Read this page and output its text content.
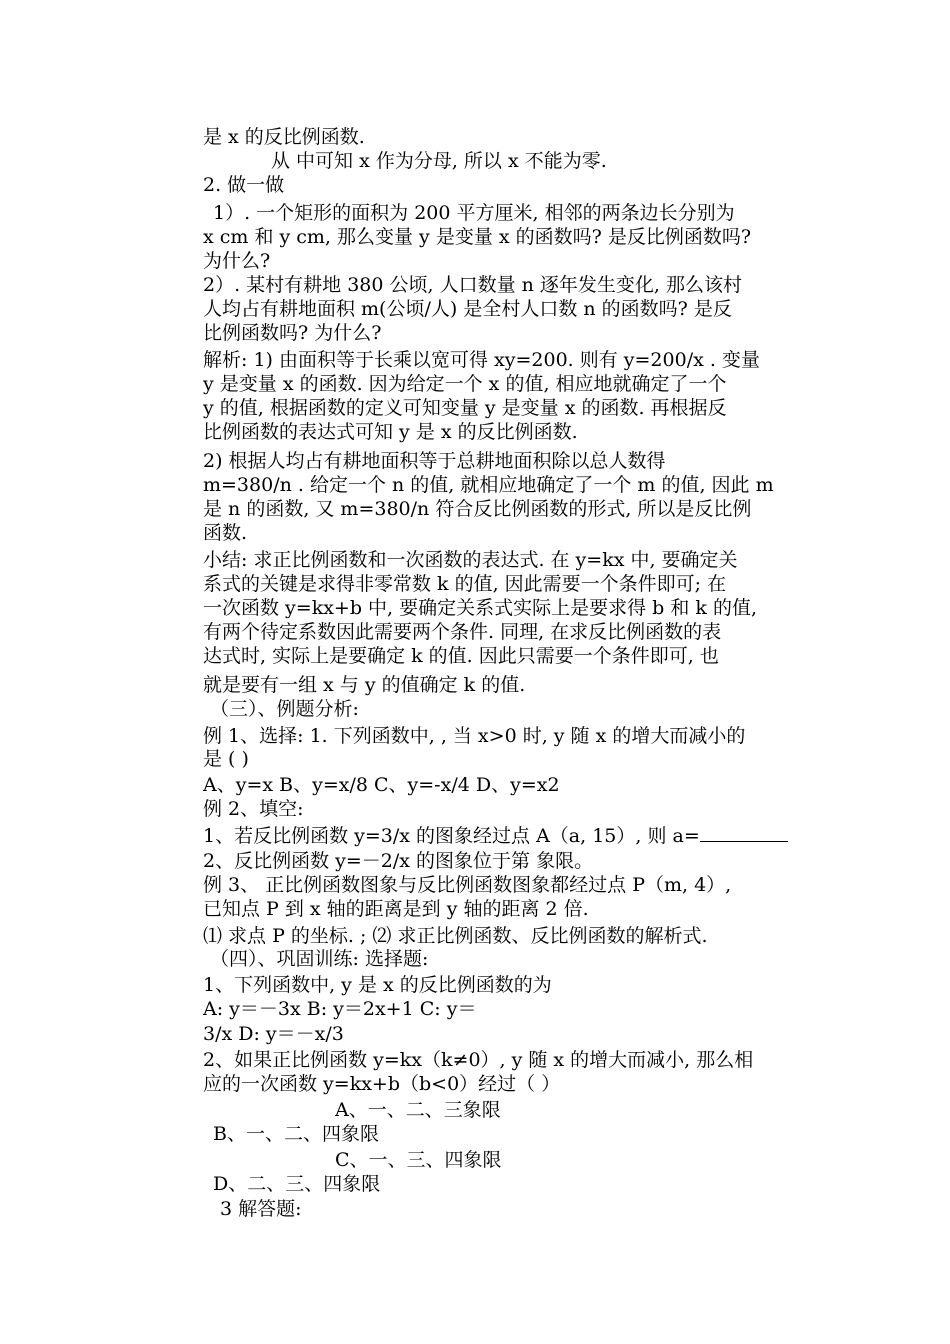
是 x 的反比例函数.
从 中可知 x 作为分母, 所以 x 不能为零.
2. 做一做
1）. 一个矩形的面积为 200 平方厘米, 相邻的两条边长分别为
x cm 和 y cm, 那么变量 y 是变量 x 的函数吗? 是反比例函数吗?
为什么?
2）. 某村有耕地 380 公顷, 人口数量 n 逐年发生变化, 那么该村
人均占有耕地面积 m(公顷/人) 是全村人口数 n 的函数吗? 是反
比例函数吗? 为什么?
解析: 1) 由面积等于长乘以宽可得 xy=200. 则有 y=200/x . 变量
y 是变量 x 的函数. 因为给定一个 x 的值, 相应地就确定了一个
y 的值, 根据函数的定义可知变量 y 是变量 x 的函数. 再根据反
比例函数的表达式可知 y 是 x 的反比例函数.
2) 根据人均占有耕地面积等于总耕地面积除以总人数得
m=380/n . 给定一个 n 的值, 就相应地确定了一个 m 的值, 因此 m
是 n 的函数, 又 m=380/n 符合反比例函数的形式, 所以是反比例
函数.
小结: 求正比例函数和一次函数的表达式. 在 y=kx 中, 要确定关
系式的关键是求得非零常数 k 的值, 因此需要一个条件即可; 在
一次函数 y=kx+b 中, 要确定关系式实际上是要求得 b 和 k 的值,
有两个待定系数因此需要两个条件. 同理, 在求反比例函数的表
达式时, 实际上是要确定 k 的值. 因此只需要一个条件即可, 也
就是要有一组 x 与 y 的值确定 k 的值.
（三）、例题分析:
例 1、选择: 1. 下列函数中, , 当 x>0 时, y 随 x 的增大而减小的
是 ( )
A、y=x B、y=x/8 C、y=-x/4 D、y=x2
例 2、填空:
1、若反比例函数 y=3/x 的图象经过点 A（a, 15）, 则 a=
2、反比例函数 y=－2/x 的图象位于第 象限。
例 3、 正比例函数图象与反比例函数图象都经过点 P（m, 4）,
已知点 P 到 x 轴的距离是到 y 轴的距离 2 倍.
⑴ 求点 P 的坐标. ; ⑵ 求正比例函数、反比例函数的解析式.
（四）、巩固训练: 选择题:
1、下列函数中, y 是 x 的反比例函数的为
A: y＝－3x B: y＝2x+1 C: y＝
3/x D: y＝－x/3
2、如果正比例函数 y=kx（k≠0）, y 随 x 的增大而减小, 那么相
应的一次函数 y=kx+b（b<0）经过（ ）
A、一、二、三象限
B、一、二、四象限
C、一、三、四象限
D、二、三、四象限
3 解答题:
